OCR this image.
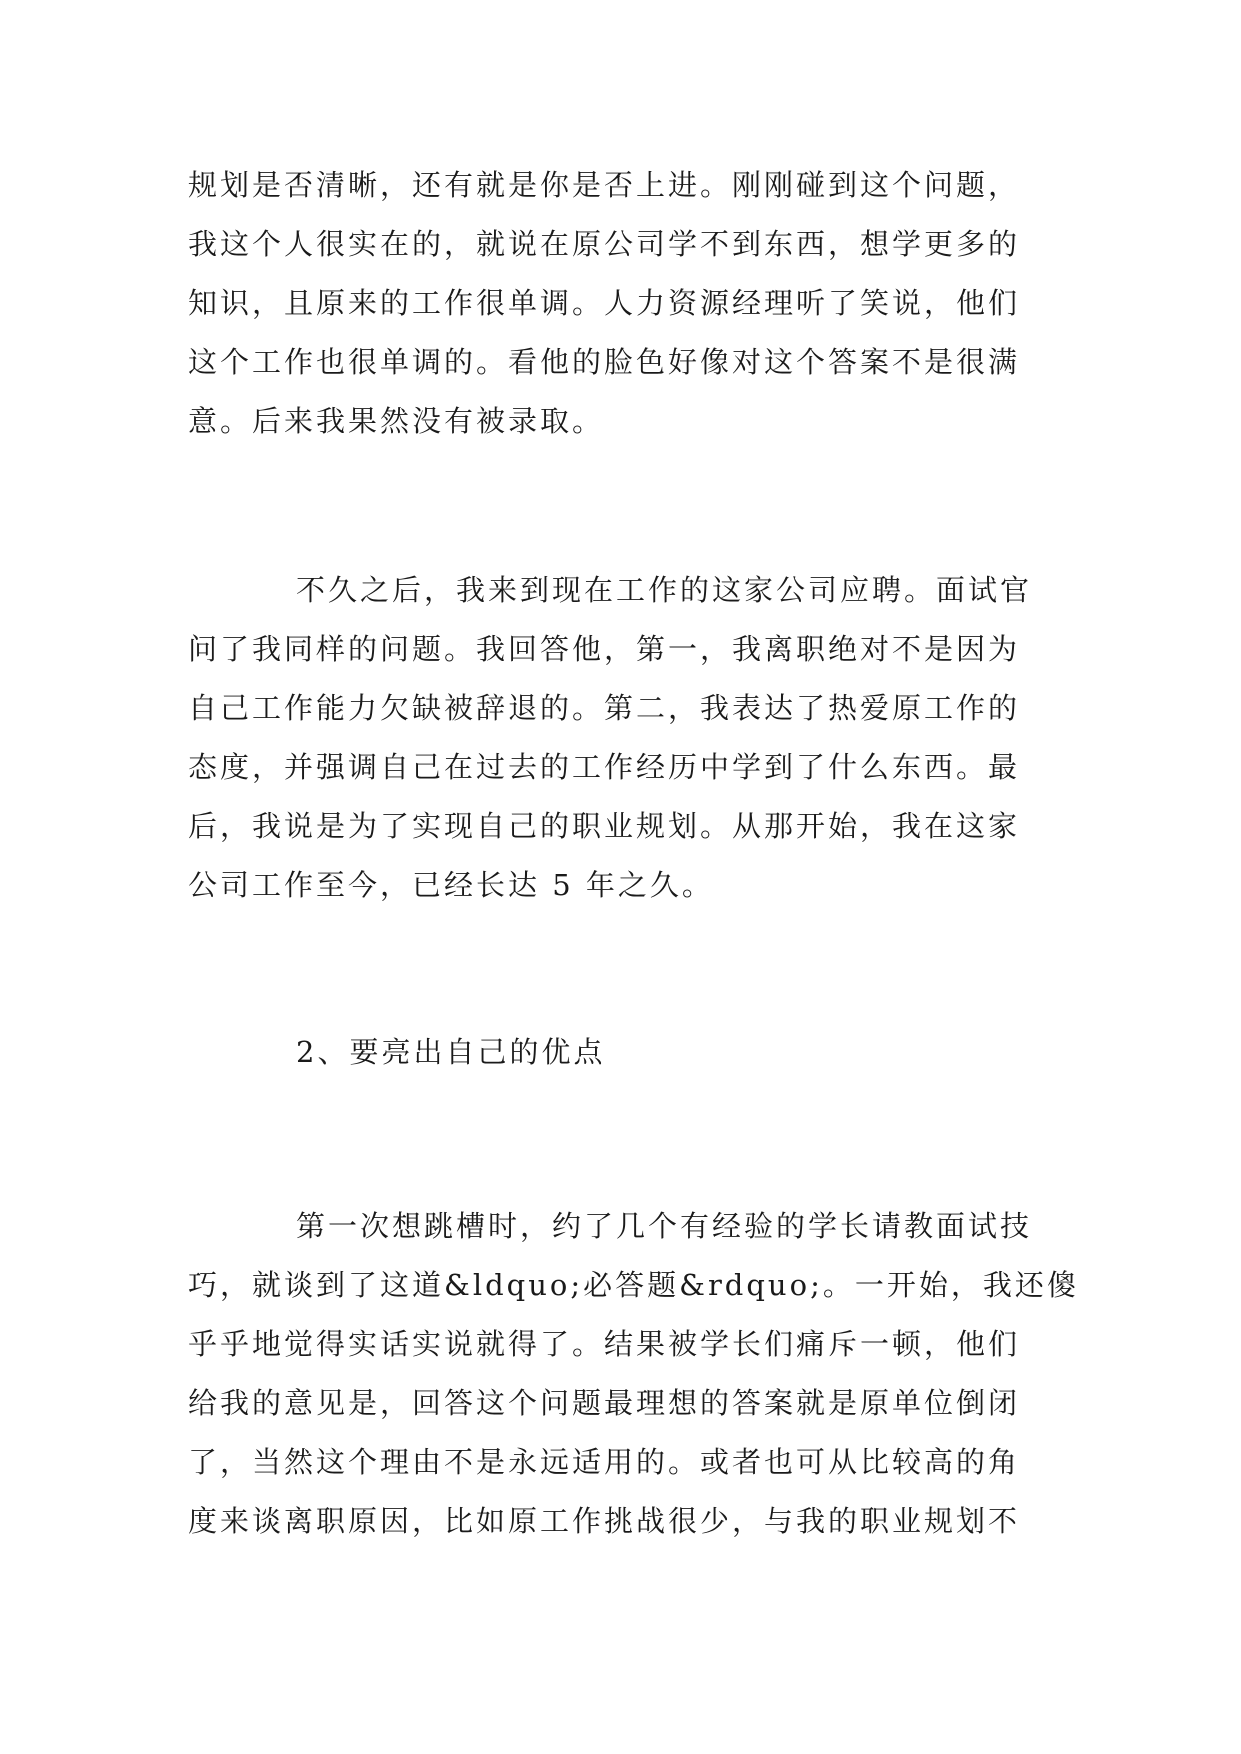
规划是否清晰，还有就是你是否上进。刚刚碰到这个问题，
我这个人很实在的，就说在原公司学不到东西，想学更多的
知识，且原来的工作很单调。人力资源经理听了笑说，他们
这个工作也很单调的。看他的脸色好像对这个答案不是很满
意。后来我果然没有被录取。
不久之后，我来到现在工作的这家公司应聘。面试官
问了我同样的问题。我回答他，第一，我离职绝对不是因为
自己工作能力欠缺被辞退的。第二，我表达了热爱原工作的
态度，并强调自己在过去的工作经历中学到了什么东西。最
后，我说是为了实现自己的职业规划。从那开始，我在这家
公司工作至今，已经长达 5 年之久。
2、要亮出自己的优点
第一次想跳槽时，约了几个有经验的学长请教面试技
巧，就谈到了这道&ldquo;必答题&rdquo;。一开始，我还傻
乎乎地觉得实话实说就得了。结果被学长们痛斥一顿，他们
给我的意见是，回答这个问题最理想的答案就是原单位倒闭
了，当然这个理由不是永远适用的。或者也可从比较高的角
度来谈离职原因，比如原工作挑战很少，与我的职业规划不
